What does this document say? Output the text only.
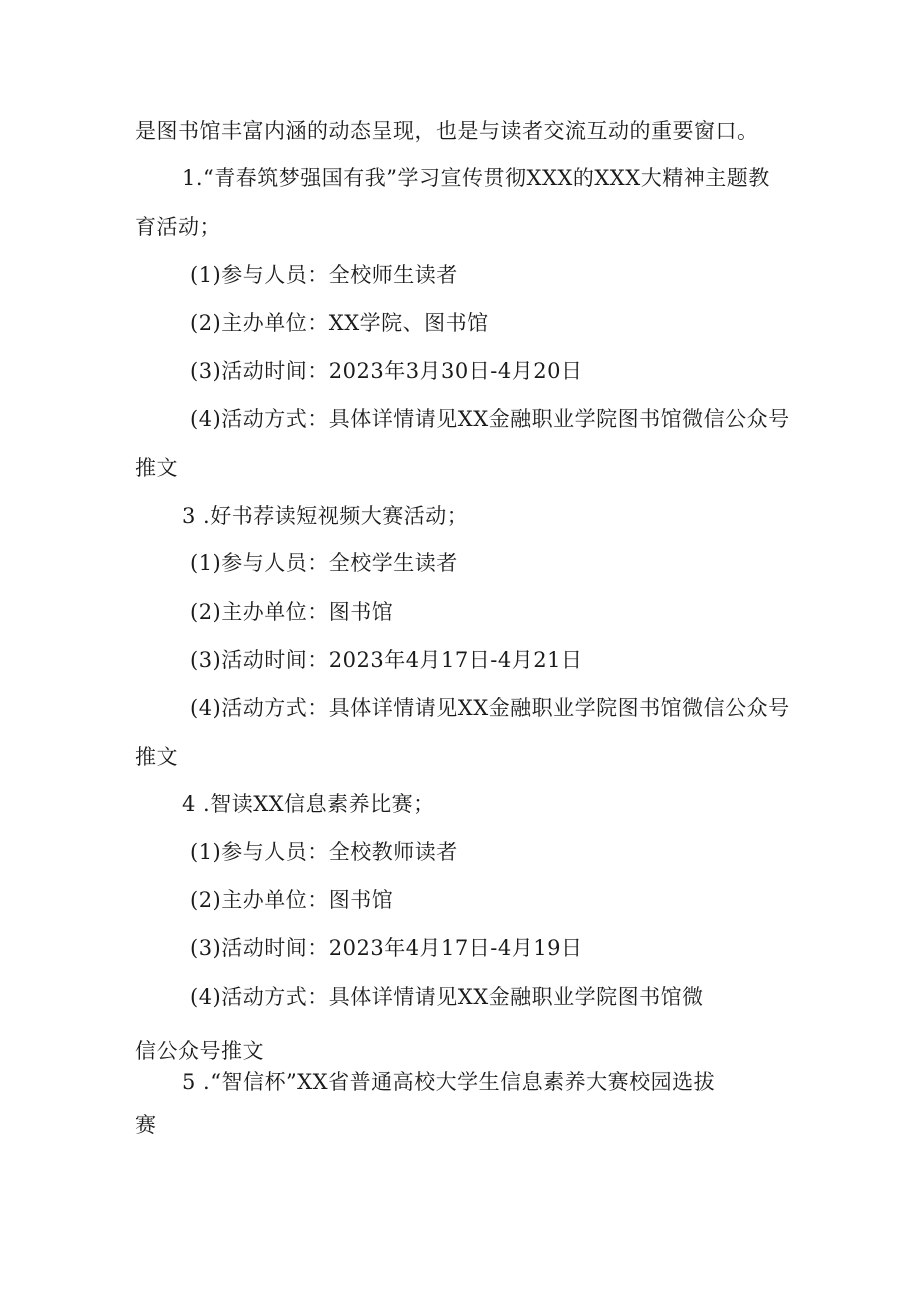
是图书馆丰富内涵的动态呈现，也是与读者交流互动的重要窗口。
1.“青春筑梦强国有我”学习宣传贯彻XXX的XXX大精神主题教
育活动；
(1)参与人员：全校师生读者
(2)主办单位：XX学院、图书馆
(3)活动时间：2023年3月30日-4月20日
(4)活动方式：具体详情请见XX金融职业学院图书馆微信公众号
推文
3 .好书荐读短视频大赛活动；
(1)参与人员：全校学生读者
(2)主办单位：图书馆
(3)活动时间：2023年4月17日-4月21日
(4)活动方式：具体详情请见XX金融职业学院图书馆微信公众号
推文
4 .智读XX信息素养比赛；
(1)参与人员：全校教师读者
(2)主办单位：图书馆
(3)活动时间：2023年4月17日-4月19日
(4)活动方式：具体详情请见XX金融职业学院图书馆微
信公众号推文
5 .“智信杯”XX省普通高校大学生信息素养大赛校园选拔
赛
